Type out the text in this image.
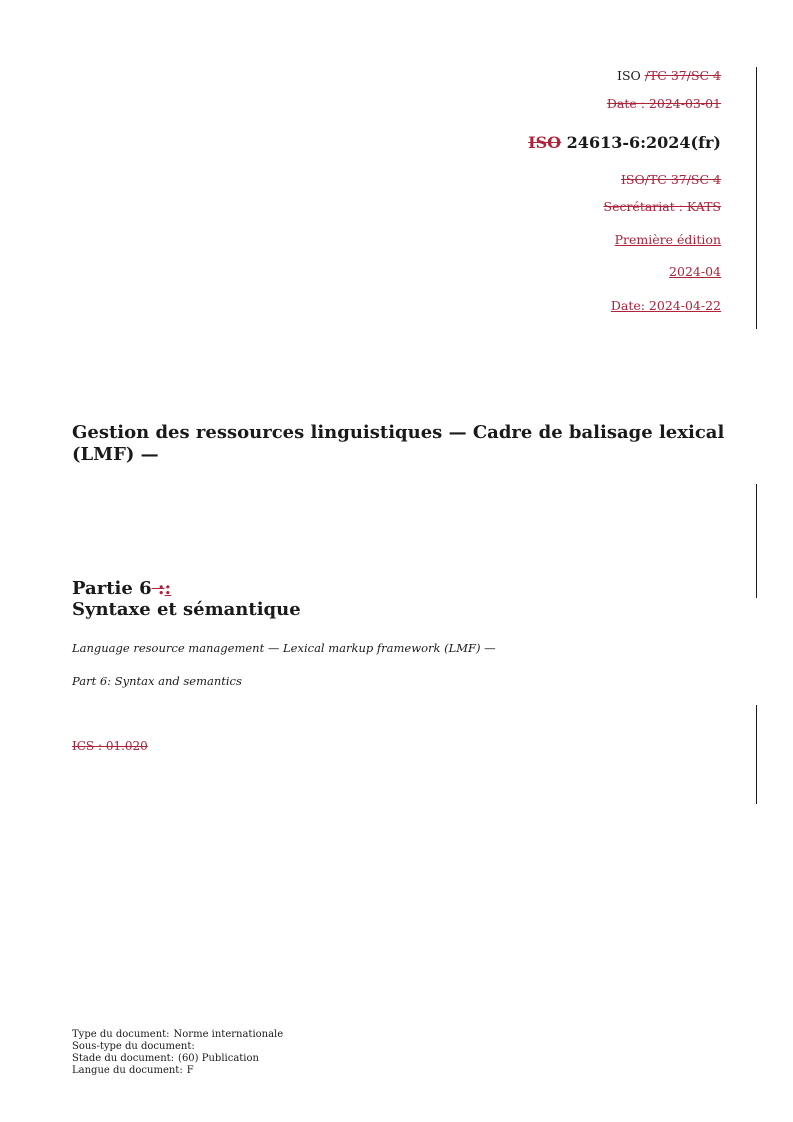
ISO /TC 37/SC 4
Date : 2024-03-01
ISO 24613-6:2024(fr)
ISO/TC 37/SC 4
Secrétariat : KATS
Première édition
2024-04
Date: 2024-04-22
Gestion des ressources linguistiques — Cadre de balisage lexical (LMF) —
Partie 6 ::
Syntaxe et sémantique
Language resource management — Lexical markup framework (LMF) —
Part 6: Syntax and semantics
ICS : 01.020
Type du document: Norme internationale
Sous-type du document:
Stade du document: (60) Publication
Langue du document: F
